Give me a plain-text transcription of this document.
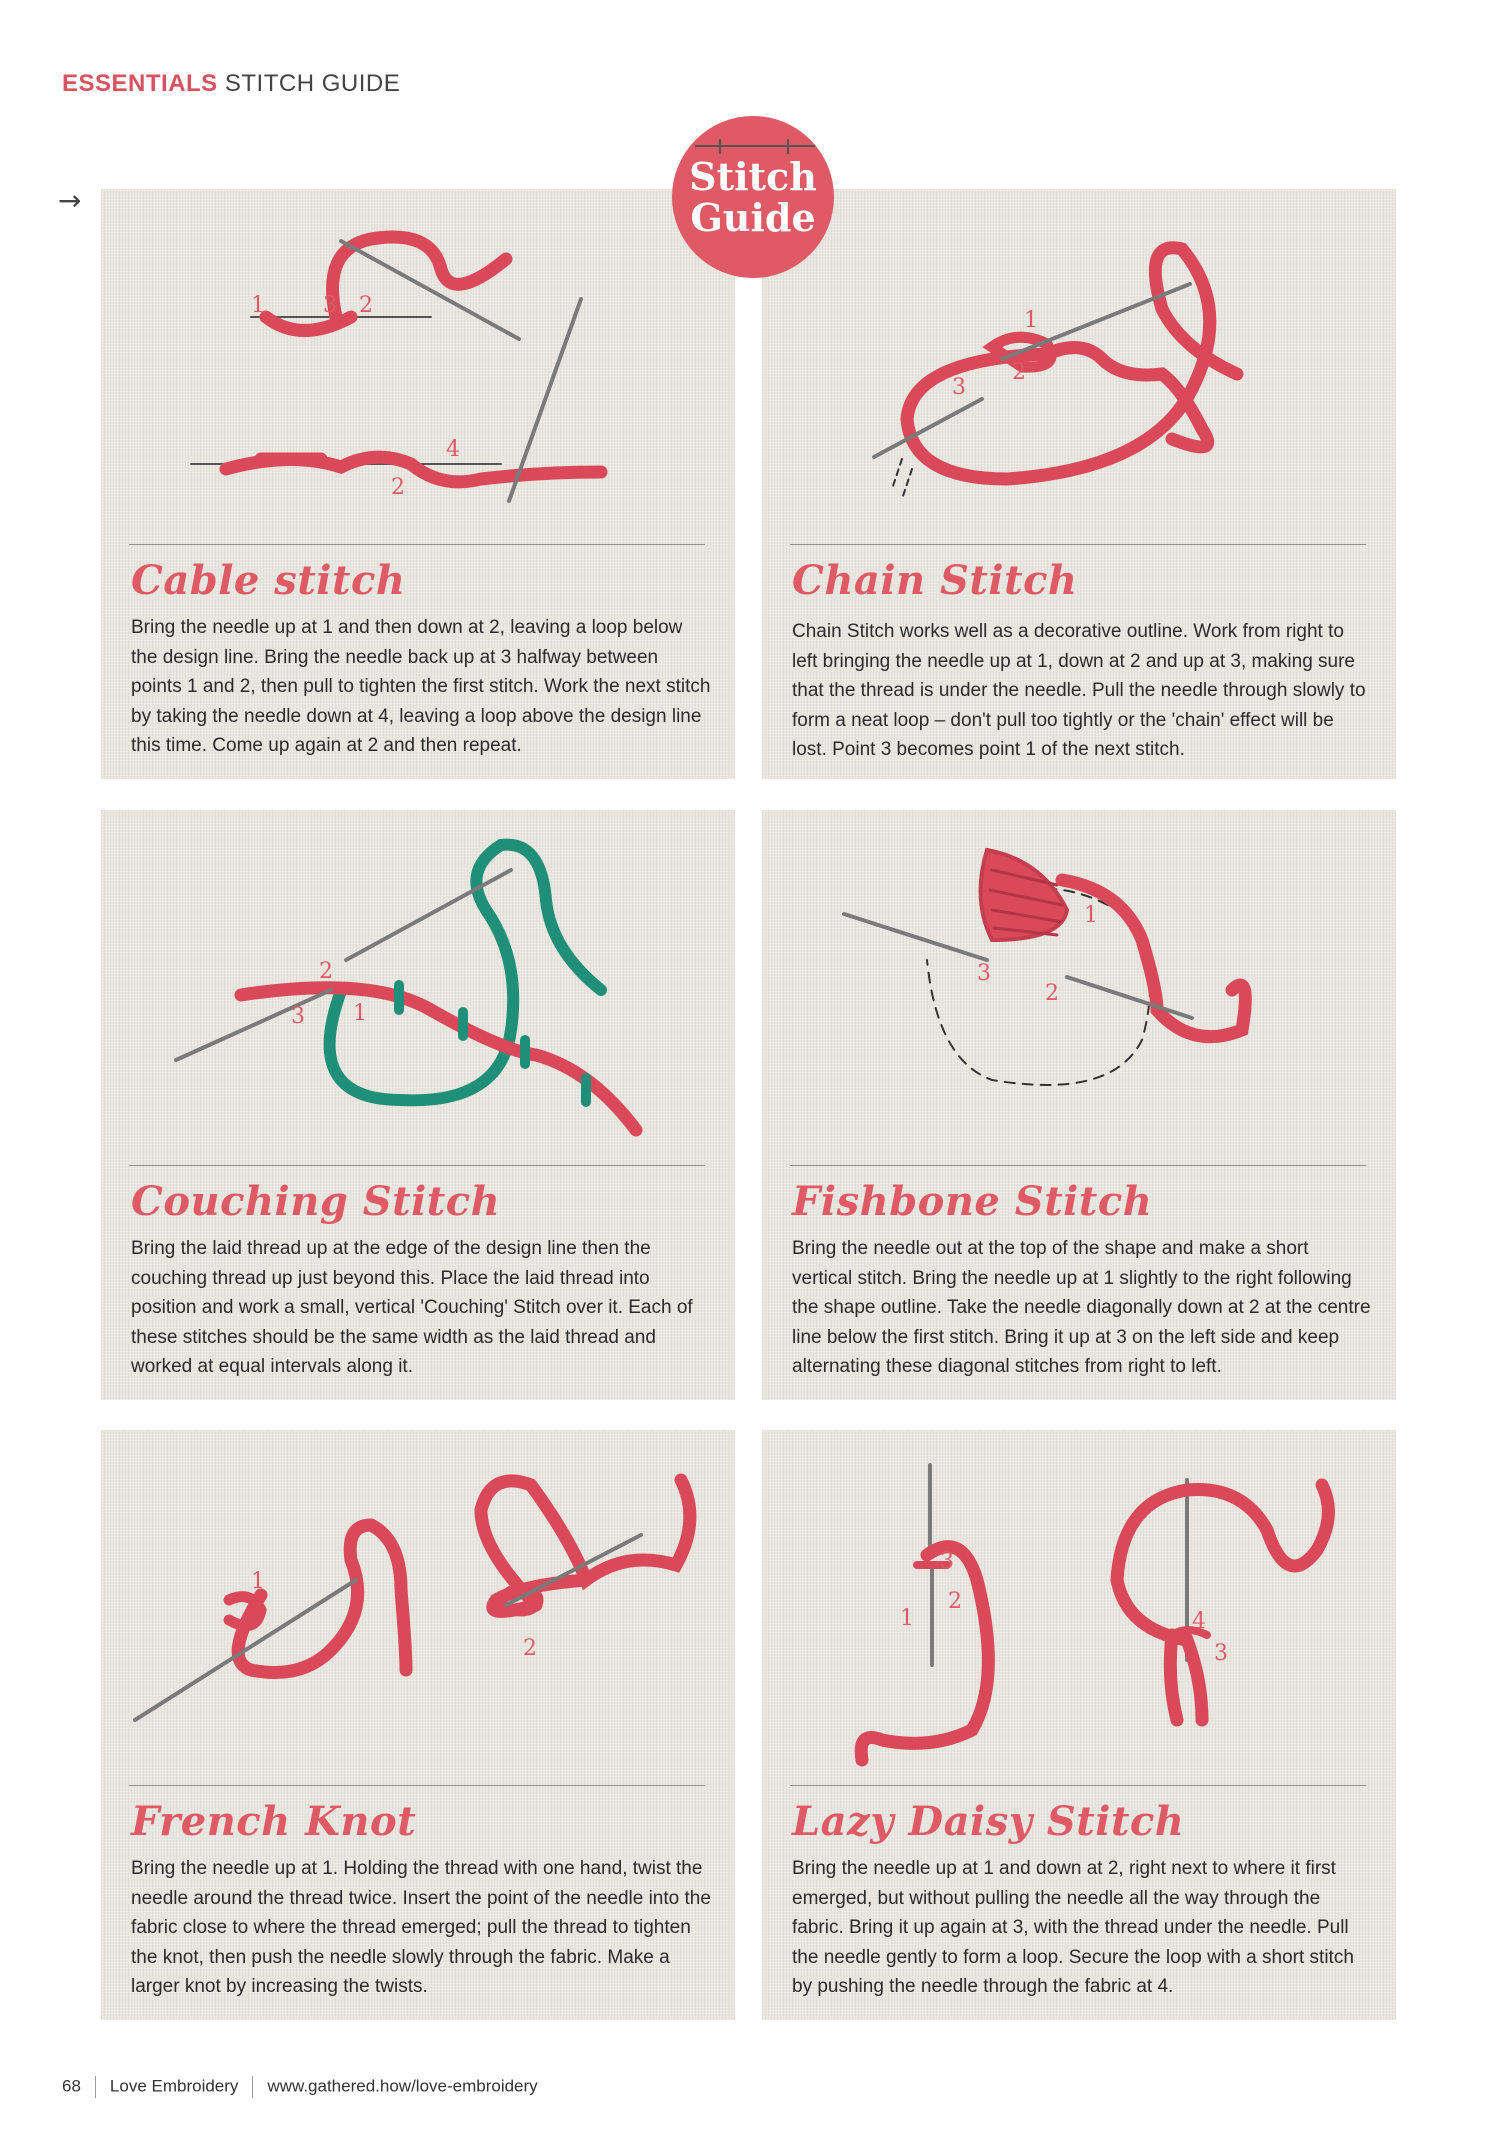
ESSENTIALS STITCH GUIDE
→
Stitch
Guide
1	3 2
4
2
Cable stitch
Bring the needle up at 1 and then down at 2, leaving a loop below the design line. Bring the needle back up at 3 halfway between points 1 and 2, then pull to tighten the first stitch. Work the next stitch by taking the needle down at 4, leaving a loop above the design line this time. Come up again at 2 and then repeat.
1
2
3
Chain Stitch
Chain Stitch works well as a decorative outline. Work from right to left bringing the needle up at 1, down at 2 and up at 3, making sure that the thread is under the needle. Pull the needle through slowly to form a neat loop – don't pull too tightly or the 'chain' effect will be lost. Point 3 becomes point 1 of the next stitch.
2
3 1
Couching Stitch
Bring the laid thread up at the edge of the design line then the couching thread up just beyond this. Place the laid thread into position and work a small, vertical 'Couching' Stitch over it. Each of these stitches should be the same width as the laid thread and worked at equal intervals along it.
1
3
2
Fishbone Stitch
Bring the needle out at the top of the shape and make a short vertical stitch. Bring the needle up at 1 slightly to the right following the shape outline. Take the needle diagonally down at 2 at the centre line below the first stitch. Bring it up at 3 on the left side and keep alternating these diagonal stitches from right to left.
1
2
French Knot
Bring the needle up at 1. Holding the thread with one hand, twist the needle around the thread twice. Insert the point of the needle into the fabric close to where the thread emerged; pull the thread to tighten the knot, then push the needle slowly through the fabric. Make a larger knot by increasing the twists.
3
2
1	4
3
Lazy Daisy Stitch
Bring the needle up at 1 and down at 2, right next to where it first emerged, but without pulling the needle all the way through the fabric. Bring it up again at 3, with the thread under the needle. Pull the needle gently to form a loop. Secure the loop with a short stitch by pushing the needle through the fabric at 4.
68 Love Embroidery www.gathered.how/love-embroidery
